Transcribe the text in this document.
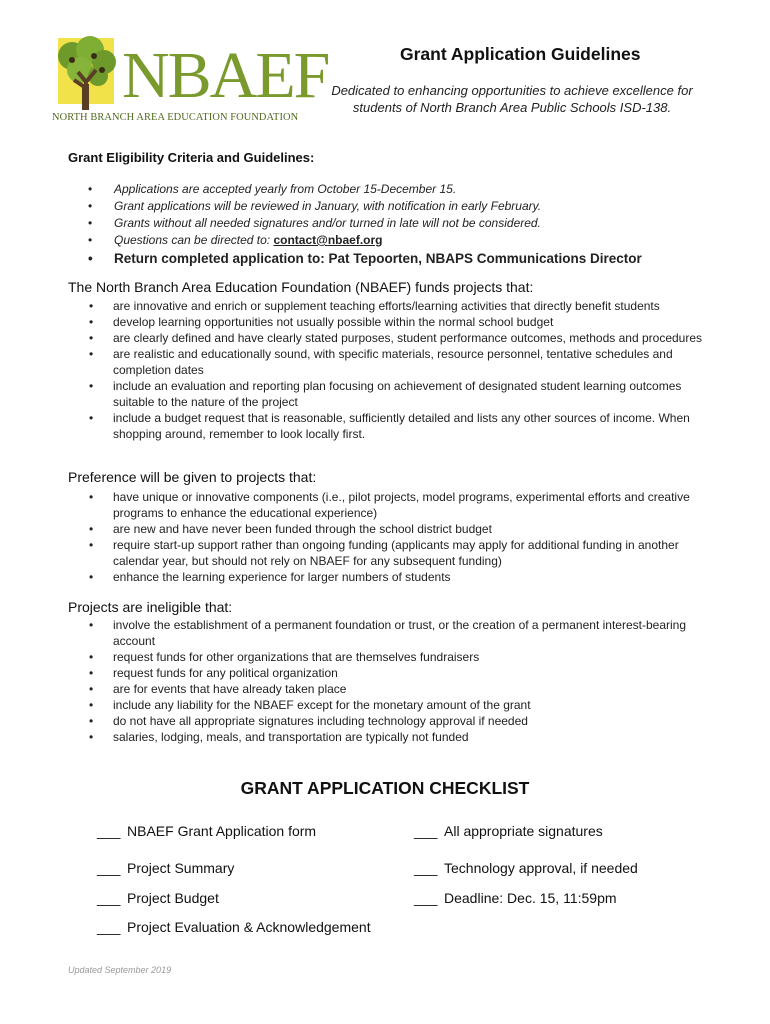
NBAEF
NORTH BRANCH AREA EDUCATION FOUNDATION
Grant Application Guidelines
Dedicated to enhancing opportunities to achieve excellence for
students of North Branch Area Public Schools ISD-138.
Grant Eligibility Criteria and Guidelines:
• Applications are accepted yearly from October 15-December 15.
• Grant applications will be reviewed in January, with notification in early February.
• Grants without all needed signatures and/or turned in late will not be considered.
• Questions can be directed to: contact@nbaef.org
• Return completed application to: Pat Tepoorten, NBAPS Communications Director
The North Branch Area Education Foundation (NBAEF) funds projects that:
• are innovative and enrich or supplement teaching efforts/learning activities that directly benefit students
• develop learning opportunities not usually possible within the normal school budget
• are clearly defined and have clearly stated purposes, student performance outcomes, methods and procedures
• are realistic and educationally sound, with specific materials, resource personnel, tentative schedules and completion dates
• include an evaluation and reporting plan focusing on achievement of designated student learning outcomes suitable to the nature of the project
• include a budget request that is reasonable, sufficiently detailed and lists any other sources of income. When shopping around, remember to look locally first.
Preference will be given to projects that:
• have unique or innovative components (i.e., pilot projects, model programs, experimental efforts and creative programs to enhance the educational experience)
• are new and have never been funded through the school district budget
• require start-up support rather than ongoing funding (applicants may apply for additional funding in another calendar year, but should not rely on NBAEF for any subsequent funding)
• enhance the learning experience for larger numbers of students
Projects are ineligible that:
• involve the establishment of a permanent foundation or trust, or the creation of a permanent interest-bearing account
• request funds for other organizations that are themselves fundraisers
• request funds for any political organization
• are for events that have already taken place
• include any liability for the NBAEF except for the monetary amount of the grant
• do not have all appropriate signatures including technology approval if needed
• salaries, lodging, meals, and transportation are typically not funded
GRANT APPLICATION CHECKLIST
___ NBAEF Grant Application form
___ Project Summary
___ Project Budget
___ Project Evaluation & Acknowledgement
___ All appropriate signatures
___ Technology approval, if needed
___ Deadline: Dec. 15, 11:59pm
Updated September 2019
